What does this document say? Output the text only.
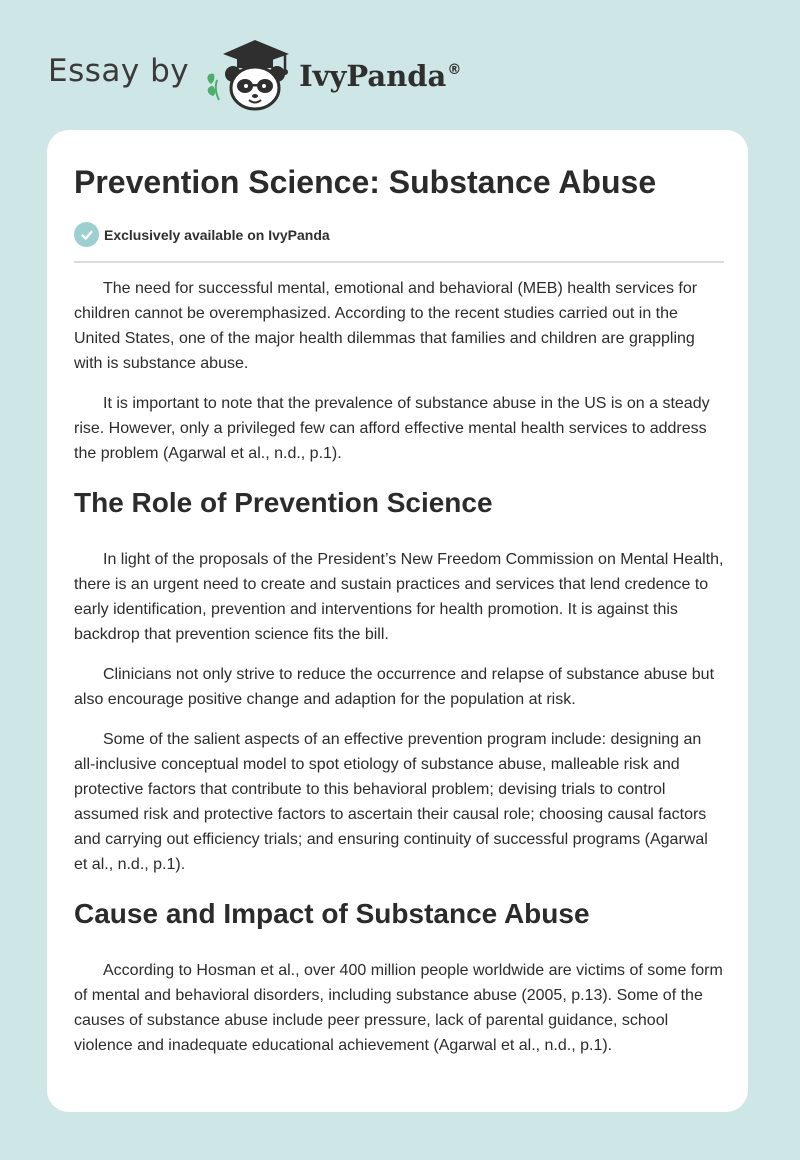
Essay by	IvyPanda®
Prevention Science: Substance Abuse
Exclusively available on IvyPanda

The need for successful mental, emotional and behavioral (MEB) health services for children cannot be overemphasized. According to the recent studies carried out in the United States, one of the major health dilemmas that families and children are grappling with is substance abuse.

It is important to note that the prevalence of substance abuse in the US is on a steady rise. However, only a privileged few can afford effective mental health services to address the problem (Agarwal et al., n.d., p.1).

The Role of Prevention Science

In light of the proposals of the President’s New Freedom Commission on Mental Health, there is an urgent need to create and sustain practices and services that lend credence to early identification, prevention and interventions for health promotion. It is against this backdrop that prevention science fits the bill.

Clinicians not only strive to reduce the occurrence and relapse of substance abuse but also encourage positive change and adaption for the population at risk.

Some of the salient aspects of an effective prevention program include: designing an all-inclusive conceptual model to spot etiology of substance abuse, malleable risk and protective factors that contribute to this behavioral problem; devising trials to control assumed risk and protective factors to ascertain their causal role; choosing causal factors and carrying out efficiency trials; and ensuring continuity of successful programs (Agarwal et al., n.d., p.1).

Cause and Impact of Substance Abuse

According to Hosman et al., over 400 million people worldwide are victims of some form of mental and behavioral disorders, including substance abuse (2005, p.13). Some of the causes of substance abuse include peer pressure, lack of parental guidance, school violence and inadequate educational achievement (Agarwal et al., n.d., p.1).
